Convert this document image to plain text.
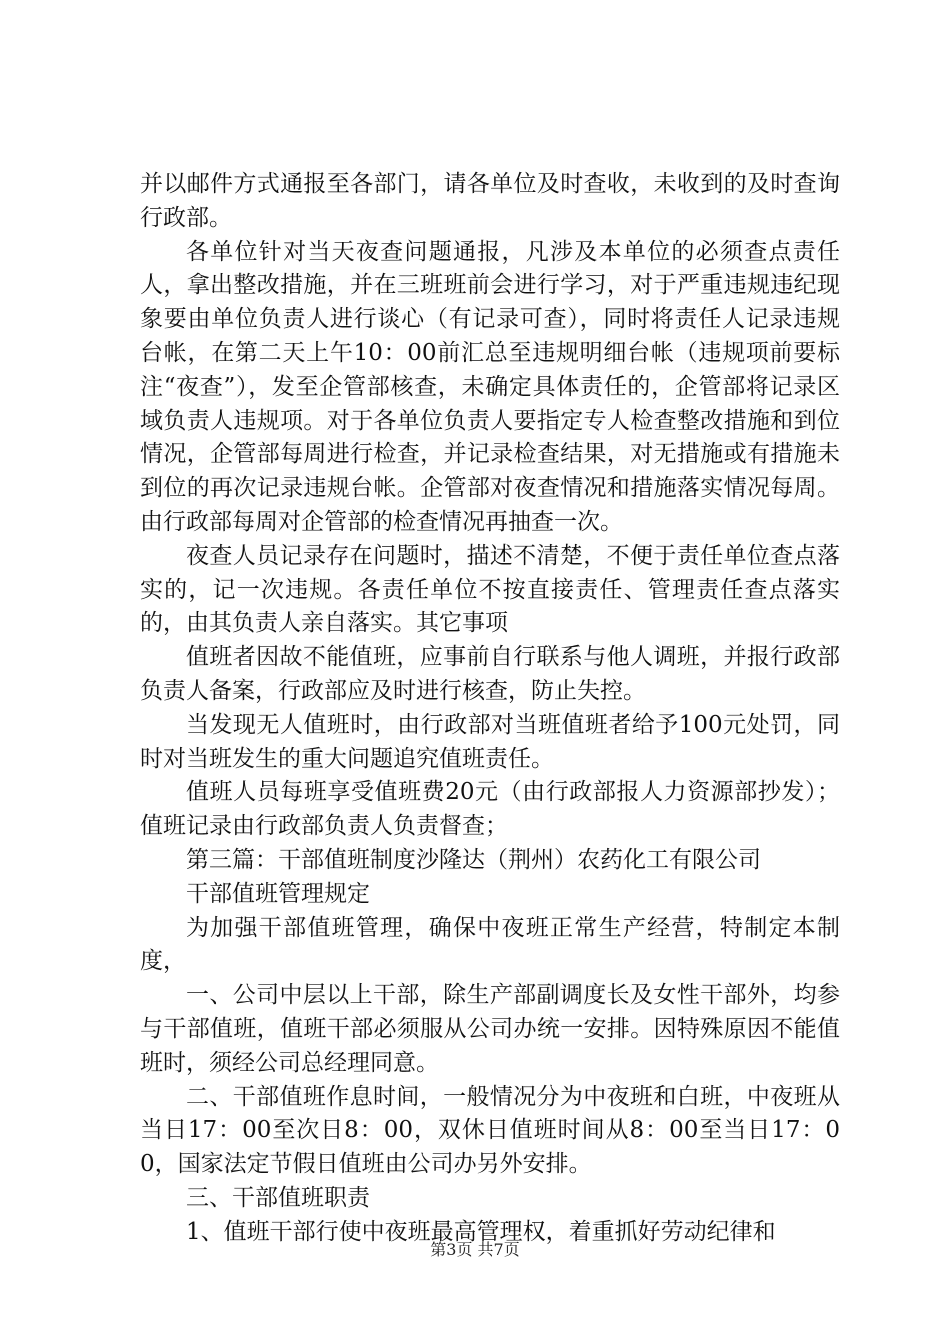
并以邮件方式通报至各部门，请各单位及时查收，未收到的及时查询行政部。

各单位针对当天夜查问题通报，凡涉及本单位的必须查点责任人，拿出整改措施，并在三班班前会进行学习，对于严重违规违纪现象要由单位负责人进行谈心（有记录可查），同时将责任人记录违规台帐，在第二天上午10：00前汇总至违规明细台帐（违规项前要标注“夜查”），发至企管部核查，未确定具体责任的，企管部将记录区域负责人违规项。对于各单位负责人要指定专人检查整改措施和到位情况，企管部每周进行检查，并记录检查结果，对无措施或有措施未到位的再次记录违规台帐。企管部对夜查情况和措施落实情况每周。由行政部每周对企管部的检查情况再抽查一次。

夜查人员记录存在问题时，描述不清楚，不便于责任单位查点落实的，记一次违规。各责任单位不按直接责任、管理责任查点落实的，由其负责人亲自落实。其它事项

值班者因故不能值班，应事前自行联系与他人调班，并报行政部负责人备案，行政部应及时进行核查，防止失控。

当发现无人值班时，由行政部对当班值班者给予100元处罚，同时对当班发生的重大问题追究值班责任。

值班人员每班享受值班费20元（由行政部报人力资源部抄发）；值班记录由行政部负责人负责督查；

第三篇：干部值班制度沙隆达（荆州）农药化工有限公司

干部值班管理规定

为加强干部值班管理，确保中夜班正常生产经营，特制定本制度，

一、公司中层以上干部，除生产部副调度长及女性干部外，均参与干部值班，值班干部必须服从公司办统一安排。因特殊原因不能值班时，须经公司总经理同意。

二、干部值班作息时间，一般情况分为中夜班和白班，中夜班从当日17：00至次日8：00，双休日值班时间从8：00至当日17：00，国家法定节假日值班由公司办另外安排。

三、干部值班职责

1、值班干部行使中夜班最高管理权，着重抓好劳动纪律和

第3页 共7页
